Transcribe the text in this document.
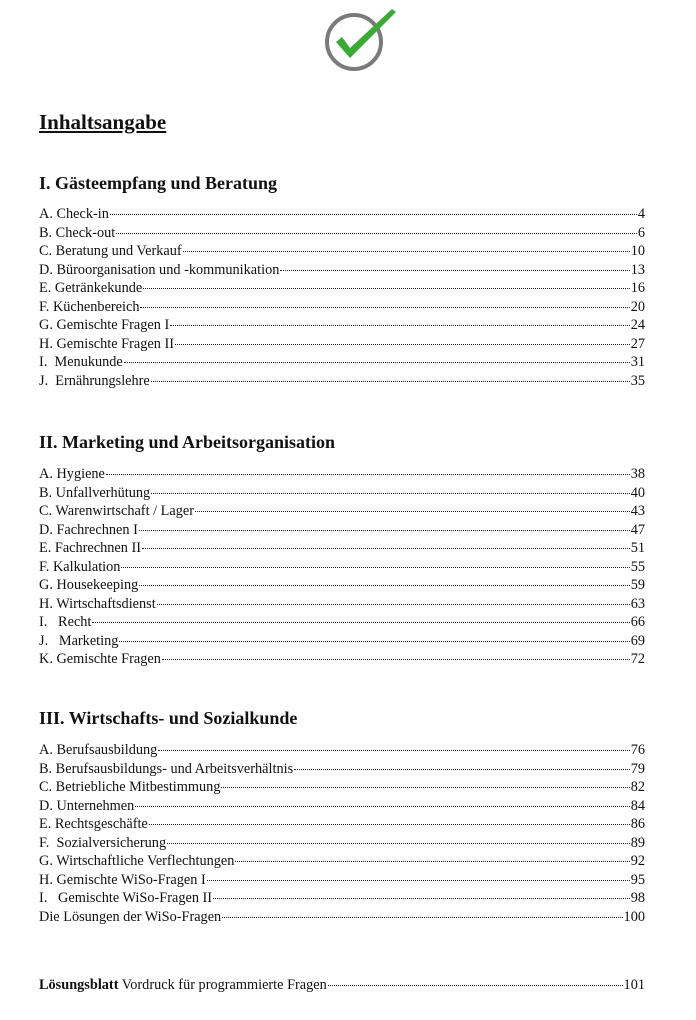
Inhaltsangabe
I. Gästeempfang und Beratung
A. Check-in	4
B. Check-out	6
C. Beratung und Verkauf	10
D. Büroorganisation und -kommunikation	13
E. Getränkekunde	16
F. Küchenbereich	20
G. Gemischte Fragen I	24
H. Gemischte Fragen II	27
I.  Menukunde	31
J.  Ernährungslehre	35
II. Marketing und Arbeitsorganisation
A. Hygiene	38
B. Unfallverhütung	40
C. Warenwirtschaft / Lager	43
D. Fachrechnen I	47
E. Fachrechnen II	51
F. Kalkulation	55
G. Housekeeping	59
H. Wirtschaftsdienst	63
I.   Recht	66
J.   Marketing	69
K. Gemischte Fragen	72
III. Wirtschafts- und Sozialkunde
A. Berufsausbildung	76
B. Berufsausbildungs- und Arbeitsverhältnis	79
C. Betriebliche Mitbestimmung	82
D. Unternehmen	84
E. Rechtsgeschäfte	86
F.  Sozialversicherung	89
G. Wirtschaftliche Verflechtungen	92
H. Gemischte WiSo-Fragen I	95
I.   Gemischte WiSo-Fragen II	98
Die Lösungen der WiSo-Fragen	100
Lösungsblatt Vordruck für programmierte Fragen	101
